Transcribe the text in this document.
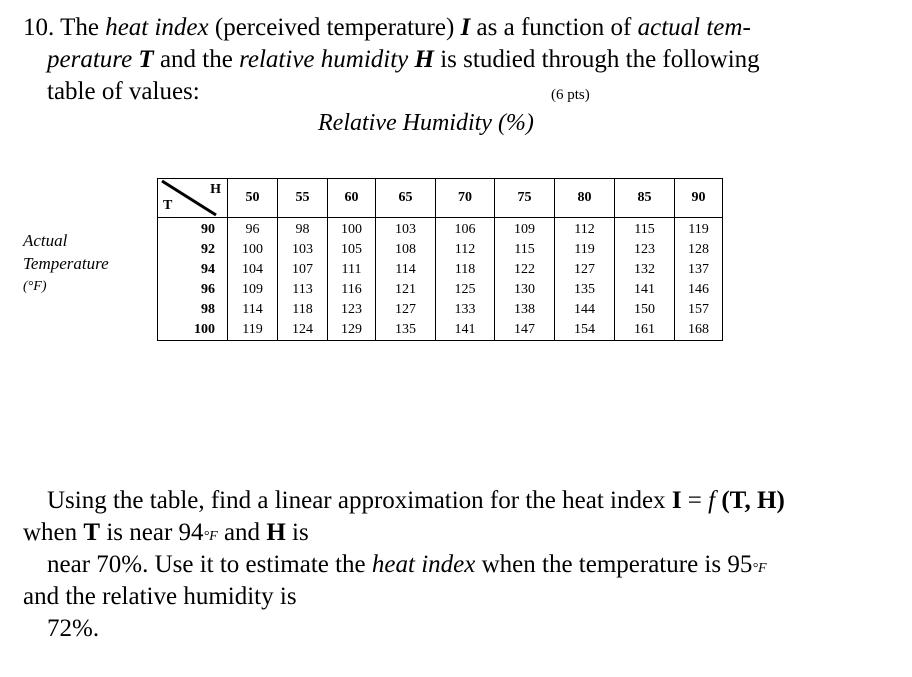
10. The heat index (perceived temperature) I as a function of actual tem-
perature T and the relative humidity H is studied through the following
table of values:	(6 pts)
Relative Humidity (%)
Actual
Temperature
(°F)
H
T	50	55	60	65	70	75	80	85	90
90	96	98	100	103	106	109	112	115	119
92	100	103	105	108	112	115	119	123	128
94	104	107	111	114	118	122	127	132	137
96	109	113	116	121	125	130	135	141	146
98	114	118	123	127	133	138	144	150	157
100	119	124	129	135	141	147	154	161	168
Using the table, find a linear approximation for the heat index I = f (T, H)
when T is near 94°F and H is
near 70%. Use it to estimate the heat index when the temperature is 95°F
and the relative humidity is
72%.
